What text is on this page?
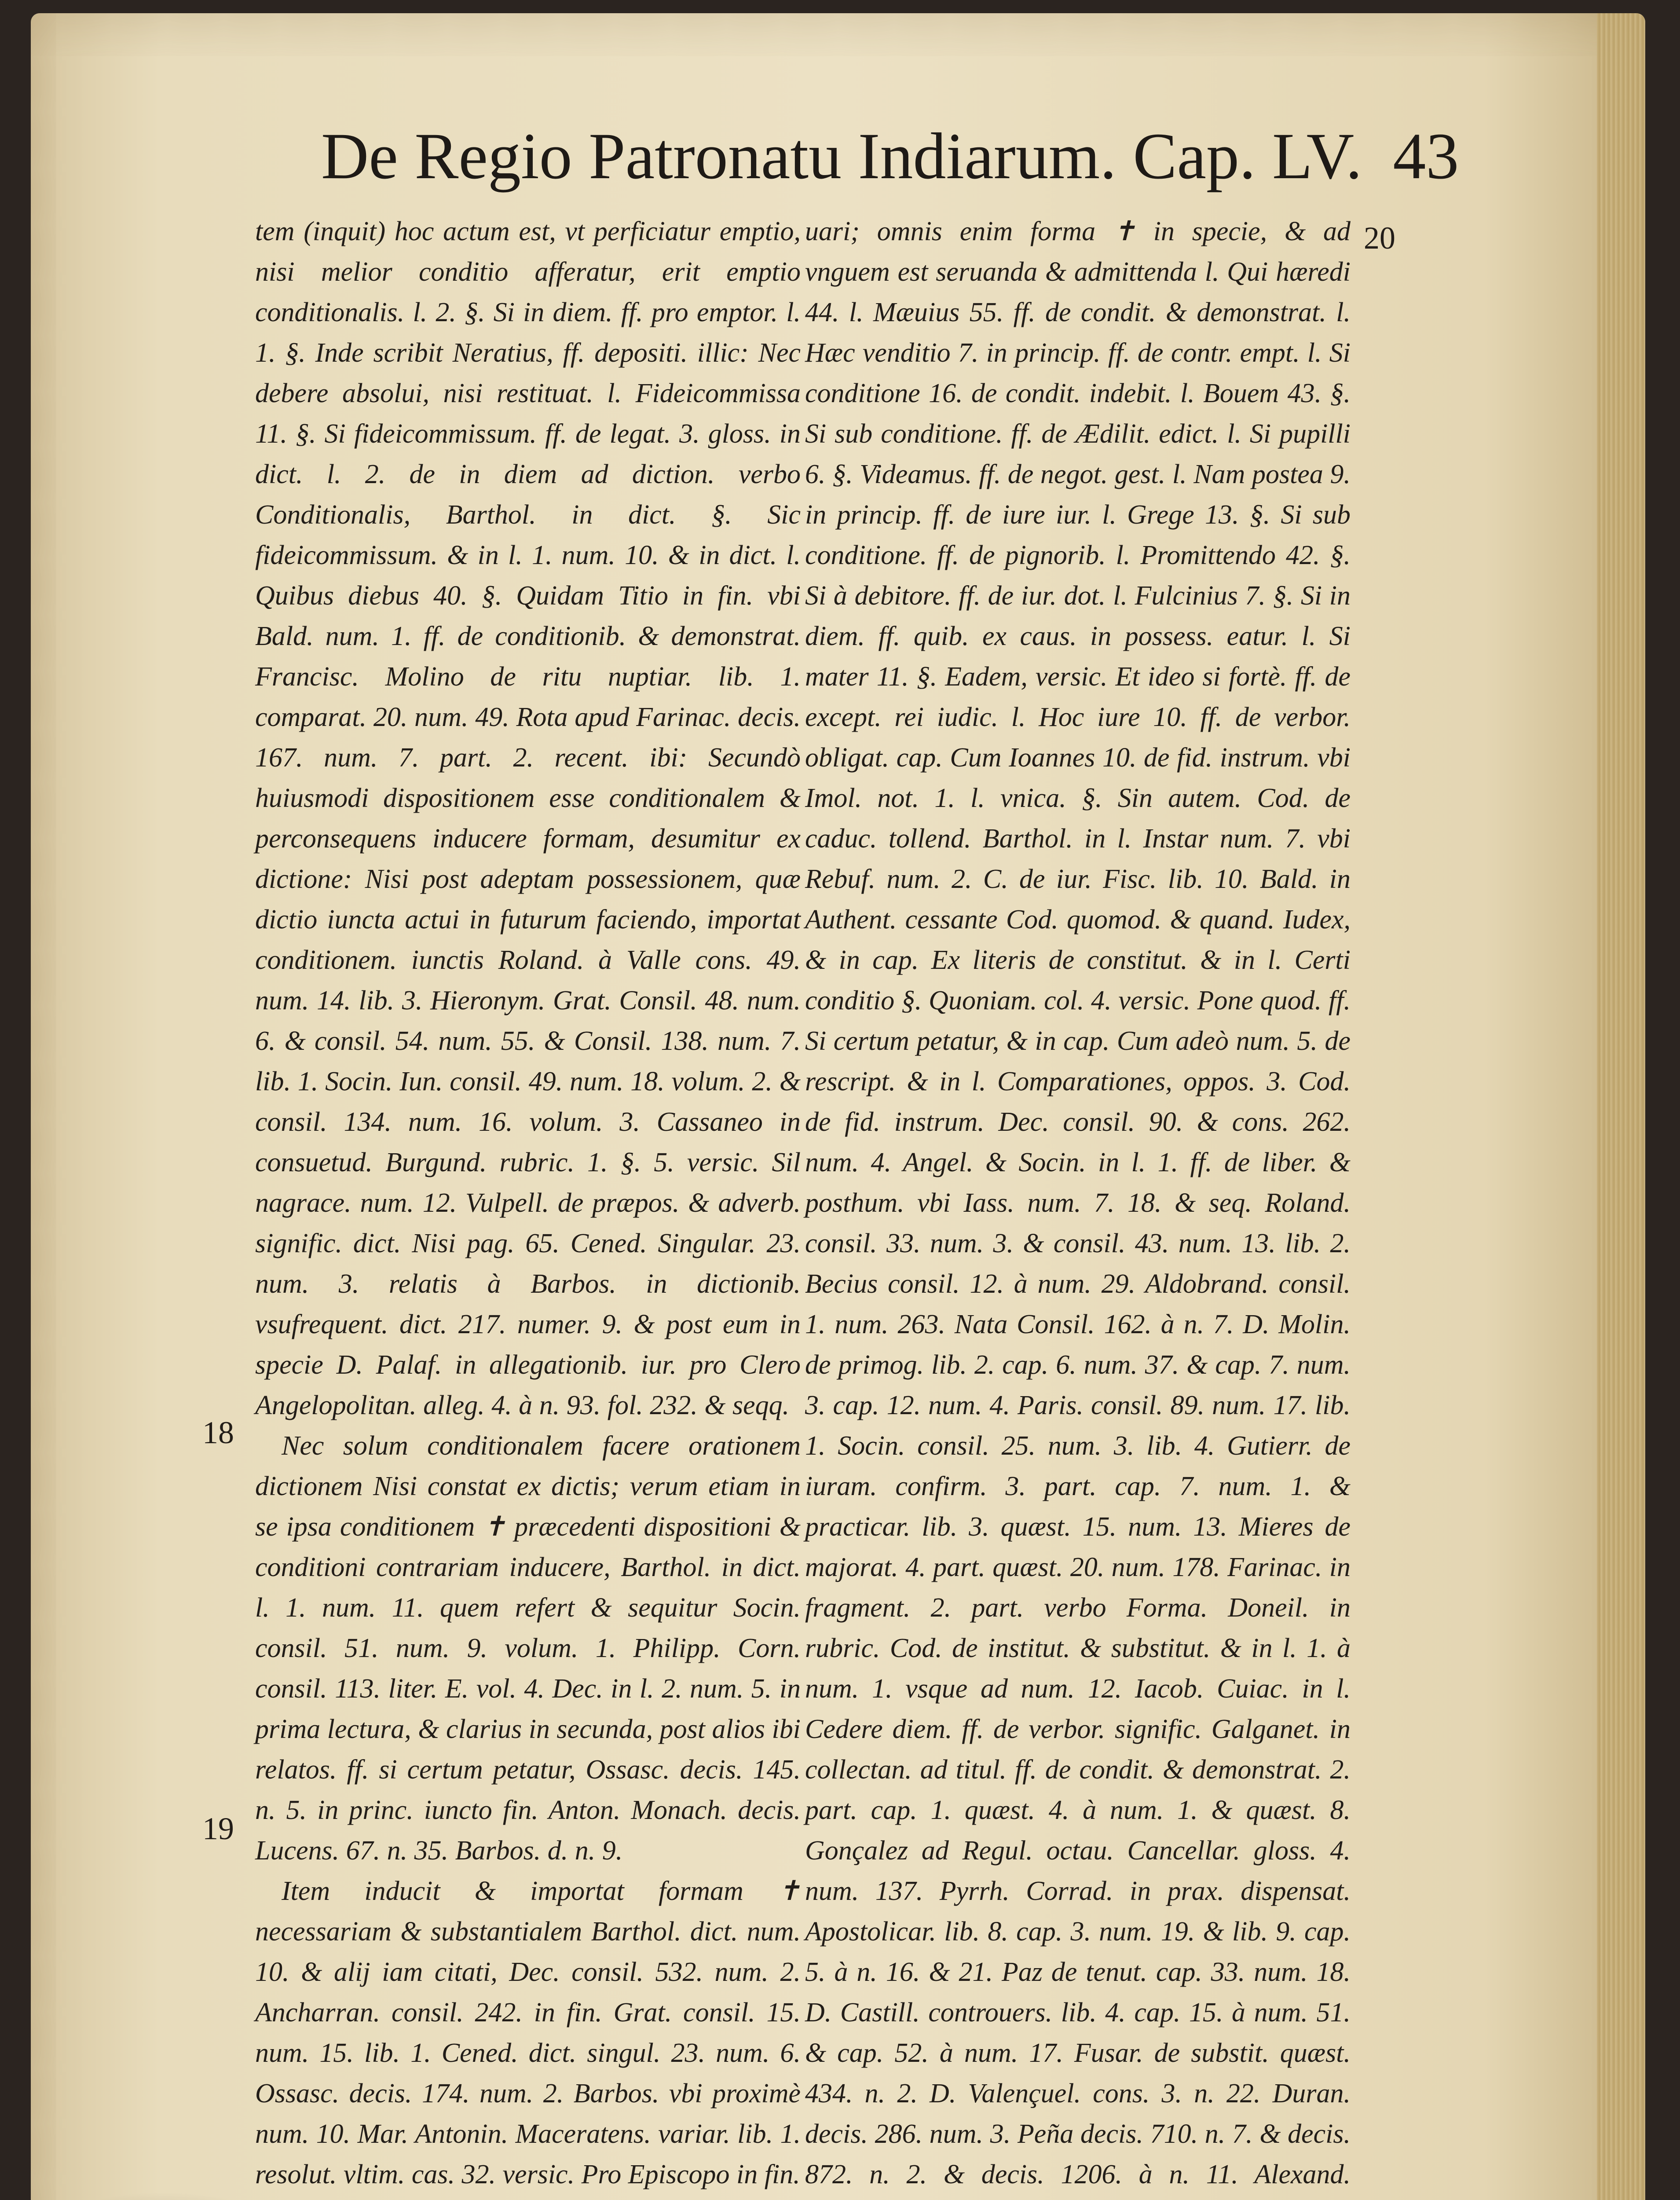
De Regio Patronatu Indiarum. Cap. LV. 43

tem (inquit) hoc actum est, vt perficiatur emptio, nisi melior conditio afferatur, erit emptio conditionalis. l. 2. §. Si in diem. ff. pro emptor. l. 1. §. Inde scribit Neratius, ff. depositi. illic: Nec debere absolui, nisi restituat. l. Fideicommissa 11. §. Si fideicommissum. ff. de legat. 3. gloss. in dict. l. 2. de in diem ad diction. verbo Conditionalis, Barthol. in dict. §. Sic fideicommissum. & in l. 1. num. 10. & in dict. l. Quibus diebus 40. §. Quidam Titio in fin. vbi Bald. num. 1. ff. de conditionib. & demonstrat. Francisc. Molino de ritu nuptiar. lib. 1. comparat. 20. num. 49. Rota apud Farinac. decis. 167. num. 7. part. 2. recent. ibi: Secundò huiusmodi dispositionem esse conditionalem & perconsequens inducere formam, desumitur ex dictione: Nisi post adeptam possessionem, quæ dictio iuncta actui in futurum faciendo, importat conditionem. iunctis Roland. à Valle cons. 49. num. 14. lib. 3. Hieronym. Grat. Consil. 48. num. 6. & consil. 54. num. 55. & Consil. 138. num. 7. lib. 1. Socin. Iun. consil. 49. num. 18. volum. 2. & consil. 134. num. 16. volum. 3. Cassaneo in consuetud. Burgund. rubric. 1. §. 5. versic. Sil nagrace. num. 12. Vulpell. de præpos. & adverb. signific. dict. Nisi pag. 65. Cened. Singular. 23. num. 3. relatis à Barbos. in dictionib. vsufrequent. dict. 217. numer. 9. & post eum in specie D. Palaf. in allegationib. iur. pro Clero Angelopolitan. alleg. 4. à n. 93. fol. 232. & seqq.

Nec solum conditionalem facere orationem dictionem Nisi constat ex dictis; verum etiam in se ipsa conditionem ✝ præcedenti dispositioni & conditioni contrariam inducere, Barthol. in dict. l. 1. num. 11. quem refert & sequitur Socin. consil. 51. num. 9. volum. 1. Philipp. Corn. consil. 113. liter. E. vol. 4. Dec. in l. 2. num. 5. in prima lectura, & clarius in secunda, post alios ibi relatos. ff. si certum petatur, Ossasc. decis. 145. n. 5. in princ. iuncto fin. Anton. Monach. decis. Lucens. 67. n. 35. Barbos. d. n. 9.

Item inducit & importat formam ✝ necessariam & substantialem Barthol. dict. num. 10. & alij iam citati, Dec. consil. 532. num. 2. Ancharran. consil. 242. in fin. Grat. consil. 15. num. 15. lib. 1. Cened. dict. singul. 23. num. 6. Ossasc. decis. 174. num. 2. Barbos. vbi proximè num. 10. Mar. Antonin. Maceratens. variar. lib. 1. resolut. vltim. cas. 32. versic. Pro Episcopo in fin.

uari; omnis enim forma ✝ in specie, & ad vnguem est seruanda & admittenda l. Qui hæredi 44. l. Mæuius 55. ff. de condit. & demonstrat. l. Hæc venditio 7. in princip. ff. de contr. empt. l. Si conditione 16. de condit. indebit. l. Bouem 43. §. Si sub conditione. ff. de Ædilit. edict. l. Si pupilli 6. §. Videamus. ff. de negot. gest. l. Nam postea 9. in princip. ff. de iure iur. l. Grege 13. §. Si sub conditione. ff. de pignorib. l. Promittendo 42. §. Si à debitore. ff. de iur. dot. l. Fulcinius 7. §. Si in diem. ff. quib. ex caus. in possess. eatur. l. Si mater 11. §. Eadem, versic. Et ideo si fortè. ff. de except. rei iudic. l. Hoc iure 10. ff. de verbor. obligat. cap. Cum Ioannes 10. de fid. instrum. vbi Imol. not. 1. l. vnica. §. Sin autem. Cod. de caduc. tollend. Barthol. in l. Instar num. 7. vbi Rebuf. num. 2. C. de iur. Fisc. lib. 10. Bald. in Authent. cessante Cod. quomod. & quand. Iudex, & in cap. Ex literis de constitut. & in l. Certi conditio §. Quoniam. col. 4. versic. Pone quod. ff. Si certum petatur, & in cap. Cum adeò num. 5. de rescript. & in l. Comparationes, oppos. 3. Cod. de fid. instrum. Dec. consil. 90. & cons. 262. num. 4. Angel. & Socin. in l. 1. ff. de liber. & posthum. vbi Iass. num. 7. 18. & seq. Roland. consil. 33. num. 3. & consil. 43. num. 13. lib. 2. Becius consil. 12. à num. 29. Aldobrand. consil. 1. num. 263. Nata Consil. 162. à n. 7. D. Molin. de primog. lib. 2. cap. 6. num. 37. & cap. 7. num. 3. cap. 12. num. 4. Paris. consil. 89. num. 17. lib. 1. Socin. consil. 25. num. 3. lib. 4. Gutierr. de iuram. confirm. 3. part. cap. 7. num. 1. & practicar. lib. 3. quæst. 15. num. 13. Mieres de majorat. 4. part. quæst. 20. num. 178. Farinac. in fragment. 2. part. verbo Forma. Doneil. in rubric. Cod. de institut. & substitut. & in l. 1. à num. 1. vsque ad num. 12. Iacob. Cuiac. in l. Cedere diem. ff. de verbor. signific. Galganet. in collectan. ad titul. ff. de condit. & demonstrat. 2. part. cap. 1. quæst. 4. à num. 1. & quæst. 8. Gonçalez ad Regul. octau. Cancellar. gloss. 4. num. 137. Pyrrh. Corrad. in prax. dispensat. Apostolicar. lib. 8. cap. 3. num. 19. & lib. 9. cap. 5. à n. 16. & 21. Paz de tenut. cap. 33. num. 18. D. Castill. controuers. lib. 4. cap. 15. à num. 51. & cap. 52. à num. 17. Fusar. de substit. quæst. 434. n. 2. D. Valençuel. cons. 3. n. 22. Duran. decis. 286. num. 3. Peña decis. 710. n. 7. & decis. 872. n. 2. & decis. 1206. à n. 11. Alexand.

18
19
20
